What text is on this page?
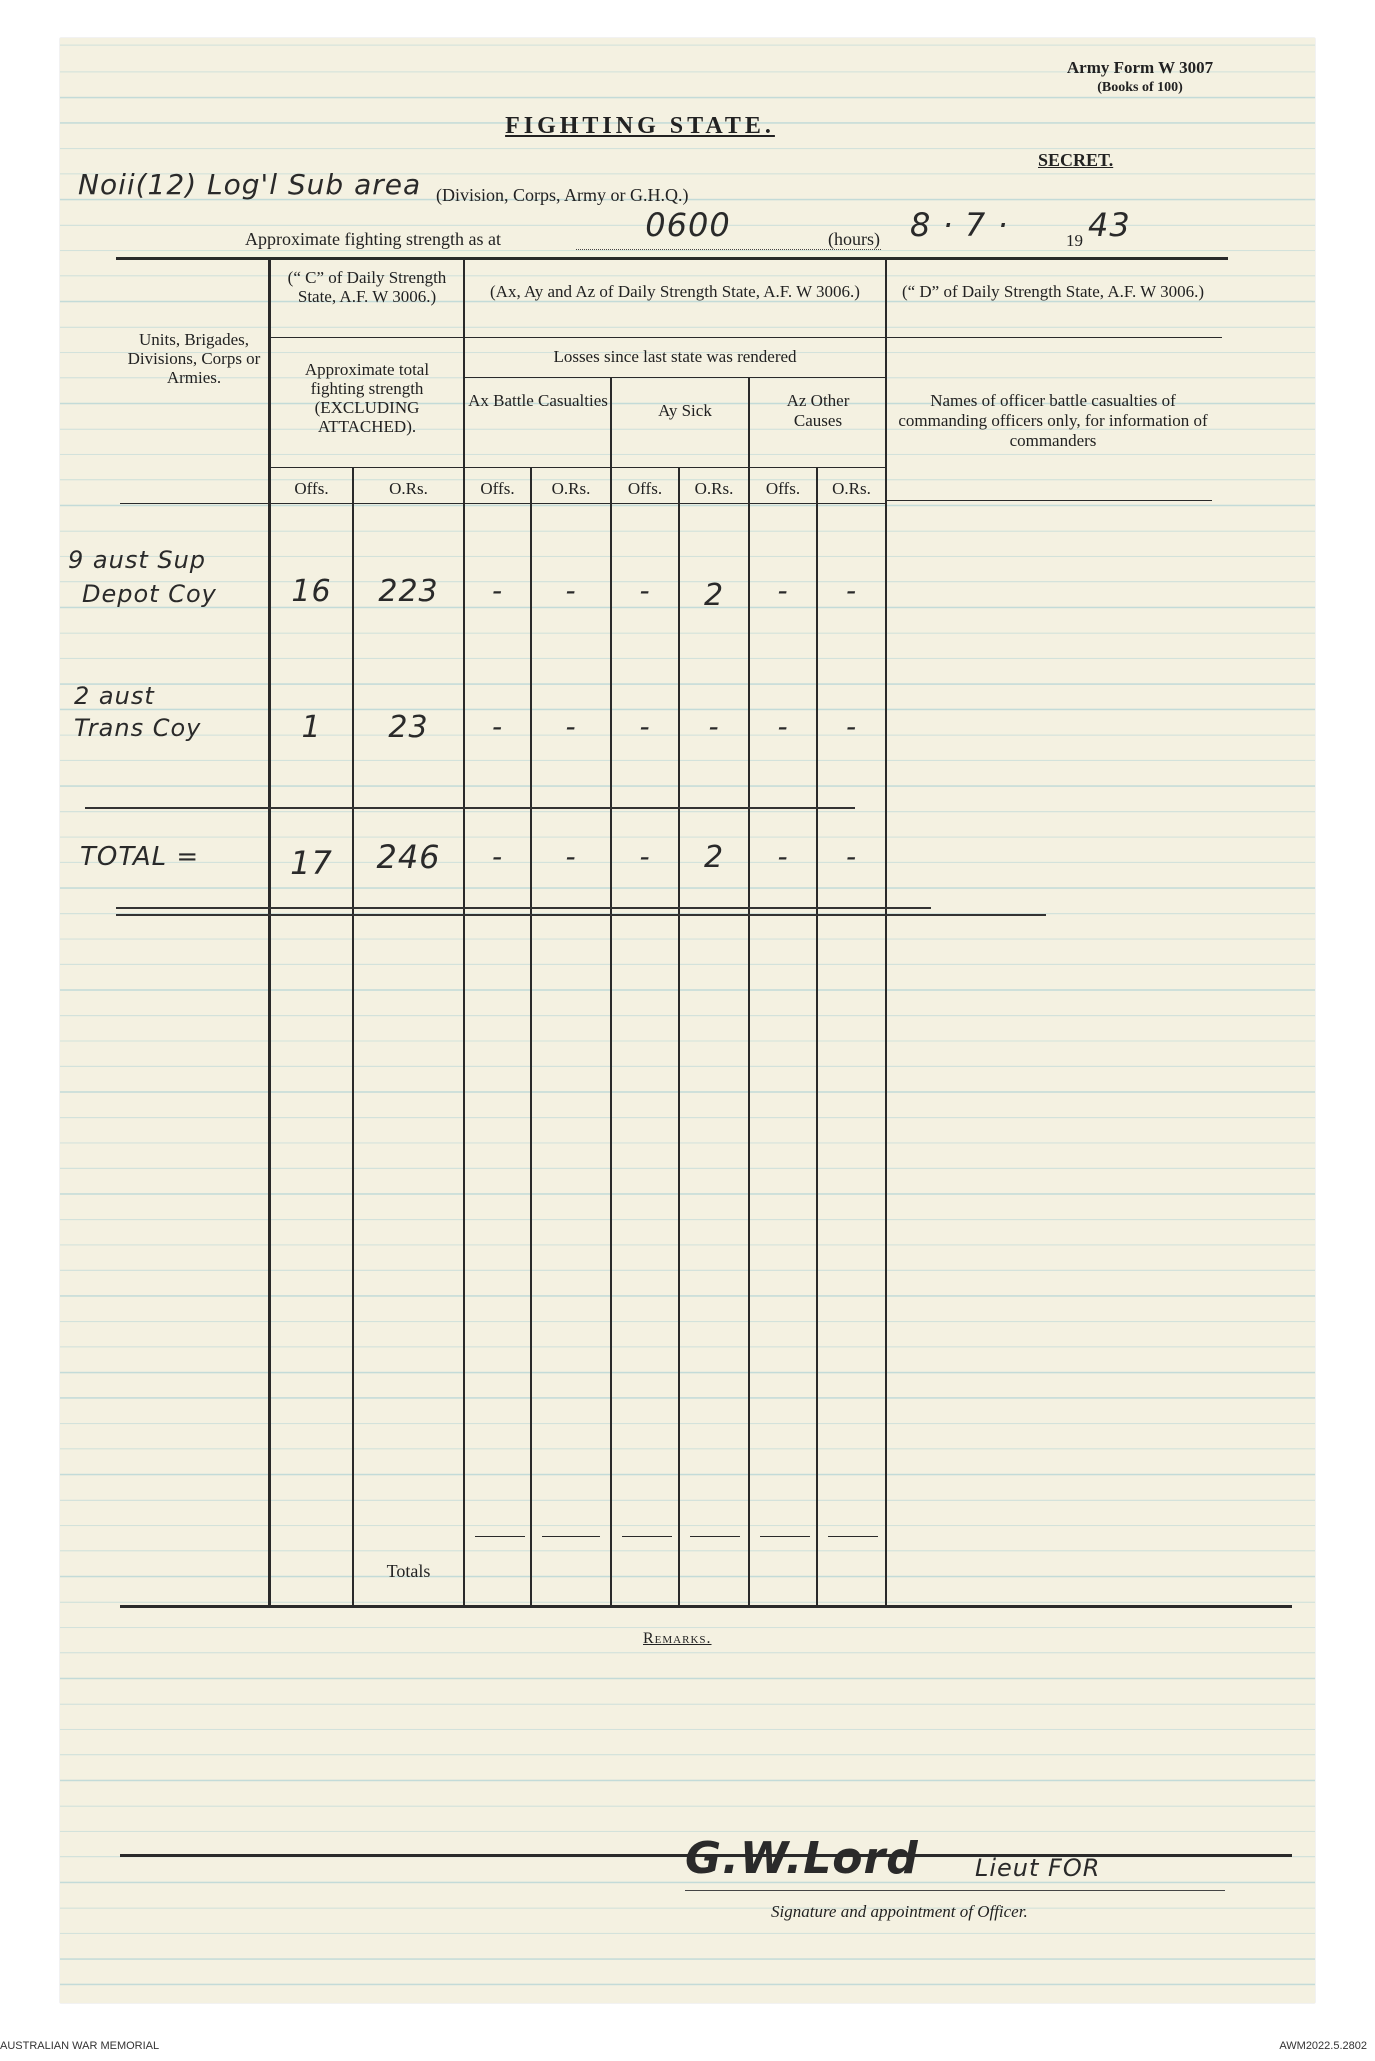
Army Form W 3007
(Books of 100)
FIGHTING STATE.
SECRET.
Noii(12) Log'l Sub area (Division, Corps, Army or G.H.Q.)
Approximate fighting strength as at	0600	(hours) 8 · 7 ·	19 43
Units, Brigades, Divisions, Corps or Armies.
(“ C” of Daily Strength State, A.F. W 3006.)
Approximate total fighting strength (EXCLUDING ATTACHED).
(Ax, Ay and Az of Daily Strength State, A.F. W 3006.)
Losses since last state was rendered
Ax Battle Casualties
Ay Sick
Az Other Causes
(“ D” of Daily Strength State, A.F. W 3006.)
Names of officer battle casualties of commanding officers only, for information of commanders
Offs.	O.Rs.	Offs.	O.Rs.	Offs.	O.Rs.	Offs.	O.Rs.
9 aust Sup
Depot Coy	16	223	-	-	-	2	-	-
2 aust
Trans Coy	1	23	-	-	-	-	-	-
TOTAL =	17	246	-	-	-	2	-	-
Totals
Remarks.
G.W.Lord Lieut FOR
Signature and appointment of Officer.
AUSTRALIAN WAR MEMORIAL	AWM2022.5.2802
